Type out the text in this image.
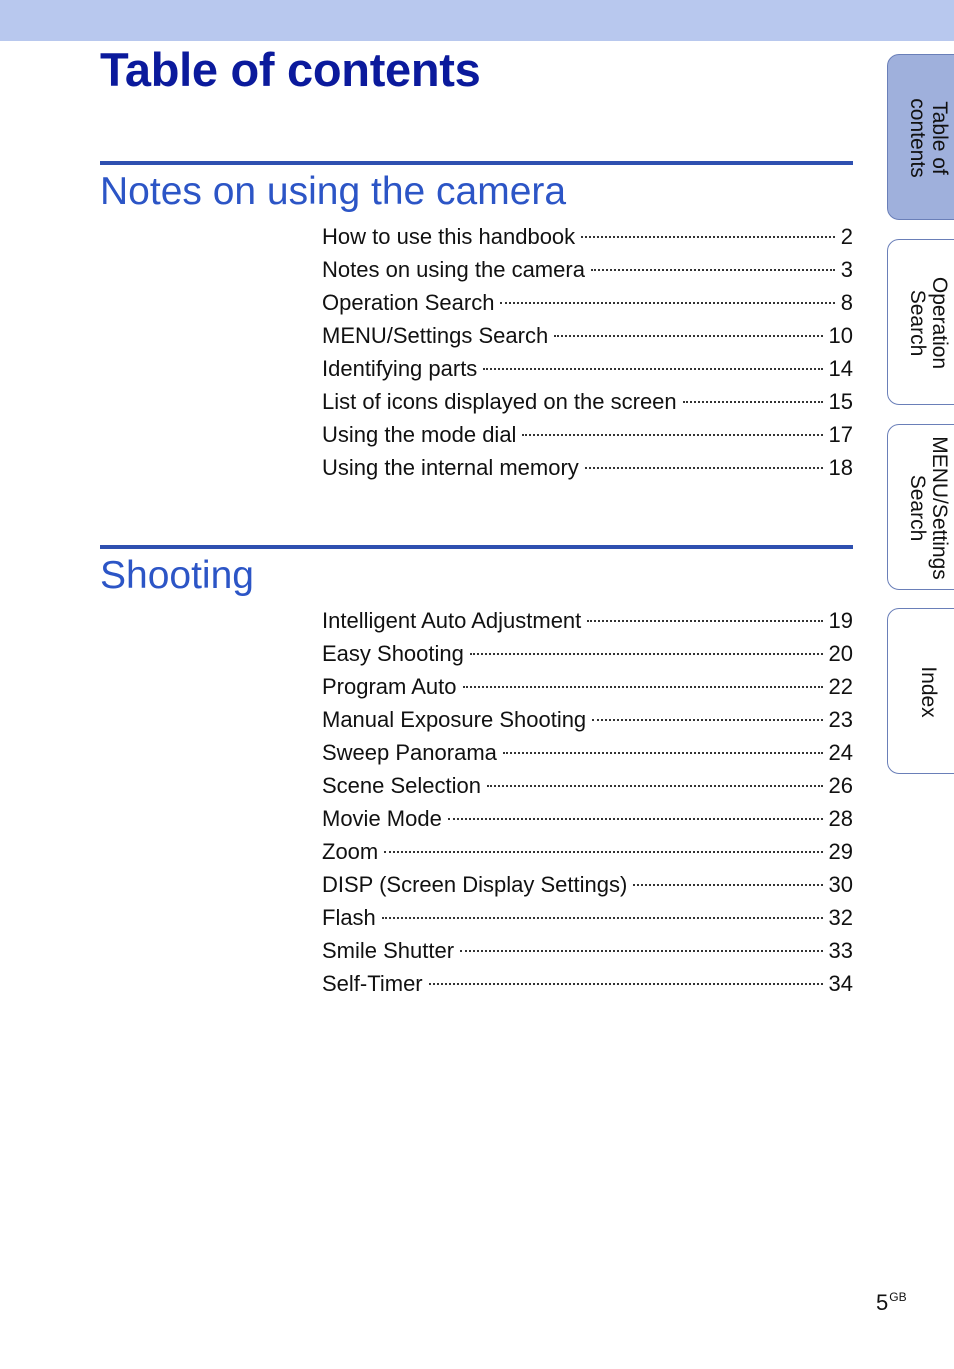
Table of contents
Notes on using the camera
How to use this handbook	2
Notes on using the camera	3
Operation Search	8
MENU/Settings Search	10
Identifying parts	14
List of icons displayed on the screen	15
Using the mode dial	17
Using the internal memory	18
Shooting
Intelligent Auto Adjustment	19
Easy Shooting	20
Program Auto	22
Manual Exposure Shooting	23
Sweep Panorama	24
Scene Selection	26
Movie Mode	28
Zoom	29
DISP (Screen Display Settings)	30
Flash	32
Smile Shutter	33
Self-Timer	34
Table of
contents
Operation
Search
MENU/Settings
Search
Index
$5^{GB}$
